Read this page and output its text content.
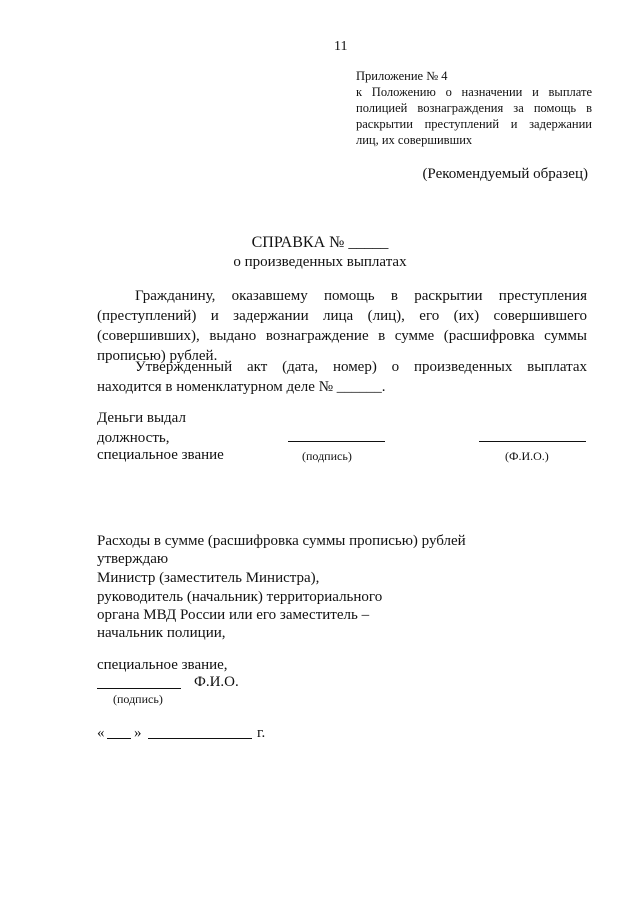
11
Приложение № 4
к Положению о назначении и выплате
полицией вознаграждения за помощь в
раскрытии преступлений и задержании
лиц, их совершивших
(Рекомендуемый образец)
СПРАВКА № _____
о произведенных выплатах
Гражданину, оказавшему помощь в раскрытии преступления
(преступлений) и задержании лица (лиц), его (их) совершившего
(совершивших), выдано вознаграждение в сумме (расшифровка суммы
прописью) рублей.
Утвержденный акт (дата, номер) о произведенных выплатах
находится в номенклатурном деле № ______.
Деньги выдал
должность,
специальное звание	(подпись)	(Ф.И.О.)
Расходы в сумме (расшифровка суммы прописью) рублей
утверждаю
Министр (заместитель Министра),
руководитель (начальник) территориального
органа МВД России или его заместитель –
начальник полиции,
специальное звание,
Ф.И.О.
(подпись)
« »	г.
